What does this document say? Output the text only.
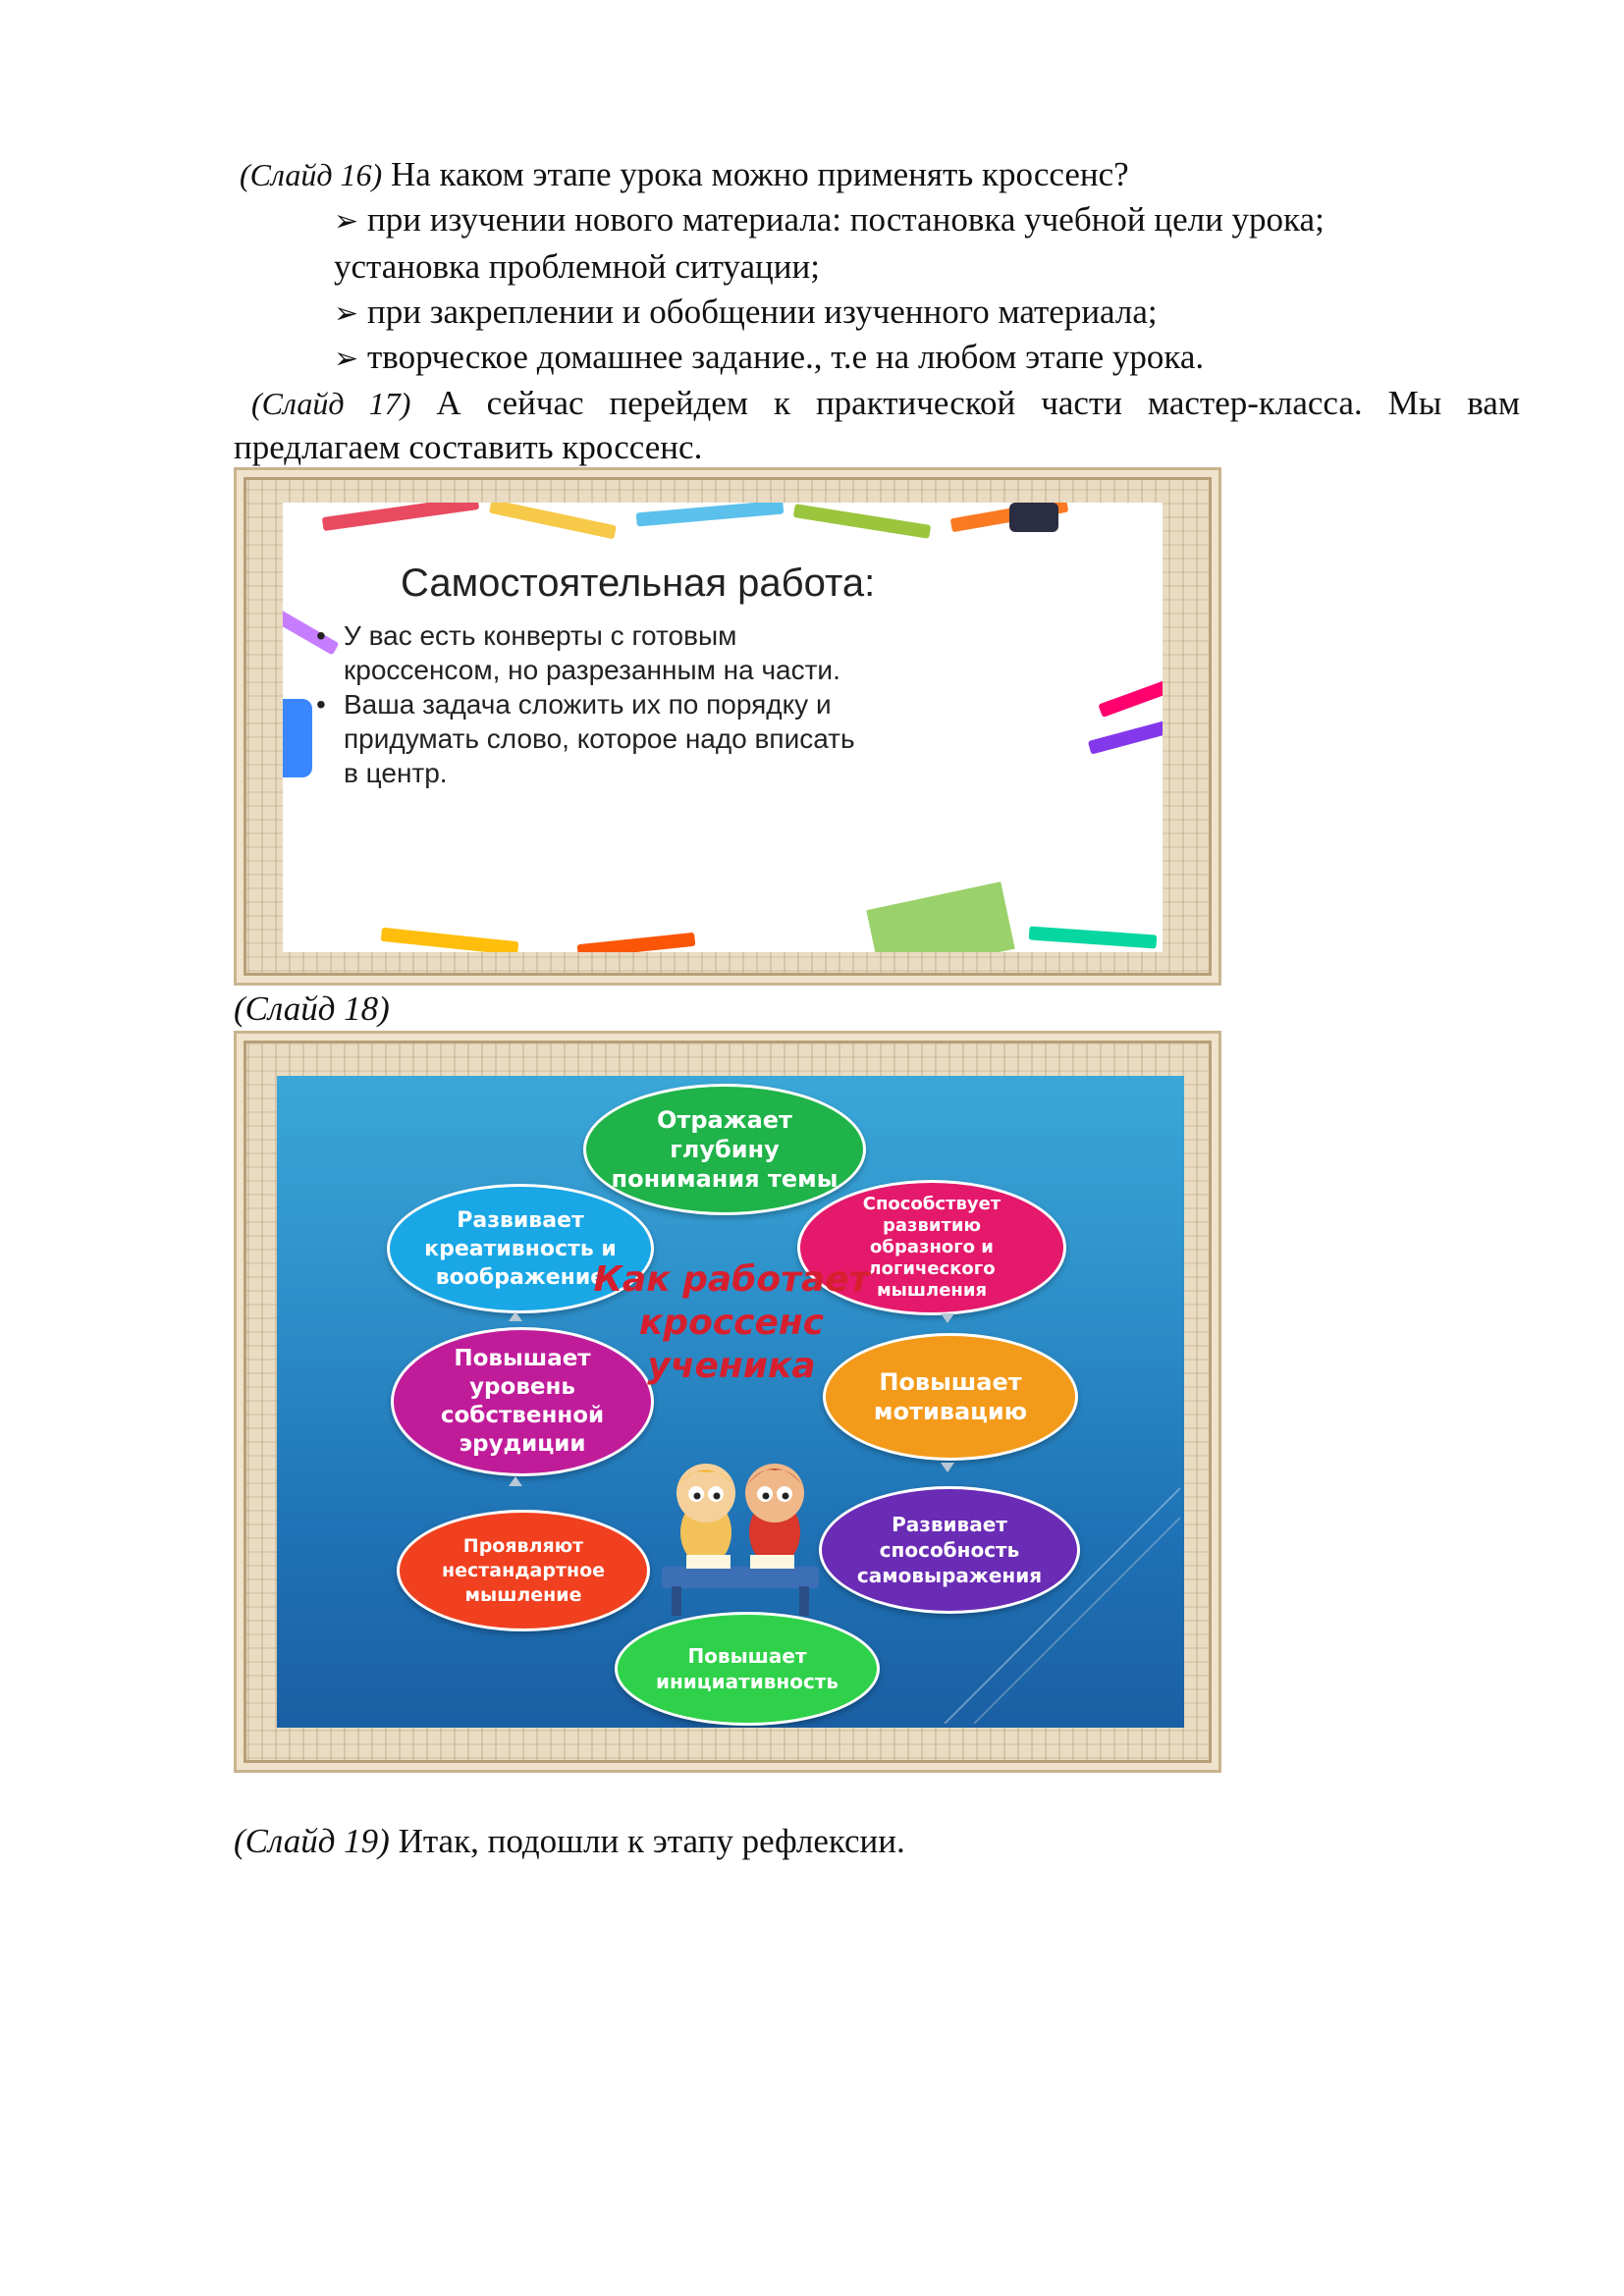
(Слайд 16) На каком этапе урока можно применять кроссенс?
➢ при изучении нового материала: постановка учебной цели урока;
установка проблемной ситуации;
➢ при закреплении и обобщении изученного материала;
➢ творческое домашнее задание., т.е на любом этапе урока.
(Слайд 17) А сейчас перейдем к практической части мастер-класса. Мы вам
предлагаем составить кроссенс.
Самостоятельная работа:
• У вас есть конверты с готовым
кроссенсом, но разрезанным на части.
• Ваша задача сложить их по порядку и
придумать слово, которое надо вписать
в центр.
(Слайд 18)
Отражает
глубину
понимания темы
Способствует
развитию
образного и
логического
мышления
Повышает
мотивацию
Развивает
способность
самовыражения
Повышает
инициативность
Проявляют
нестандартное
мышление
Повышает
уровень
собственной
эрудиции
Развивает
креативность и
воображение
Как работает
кроссенс
ученика
(Слайд 19) Итак, подошли к этапу рефлексии.
